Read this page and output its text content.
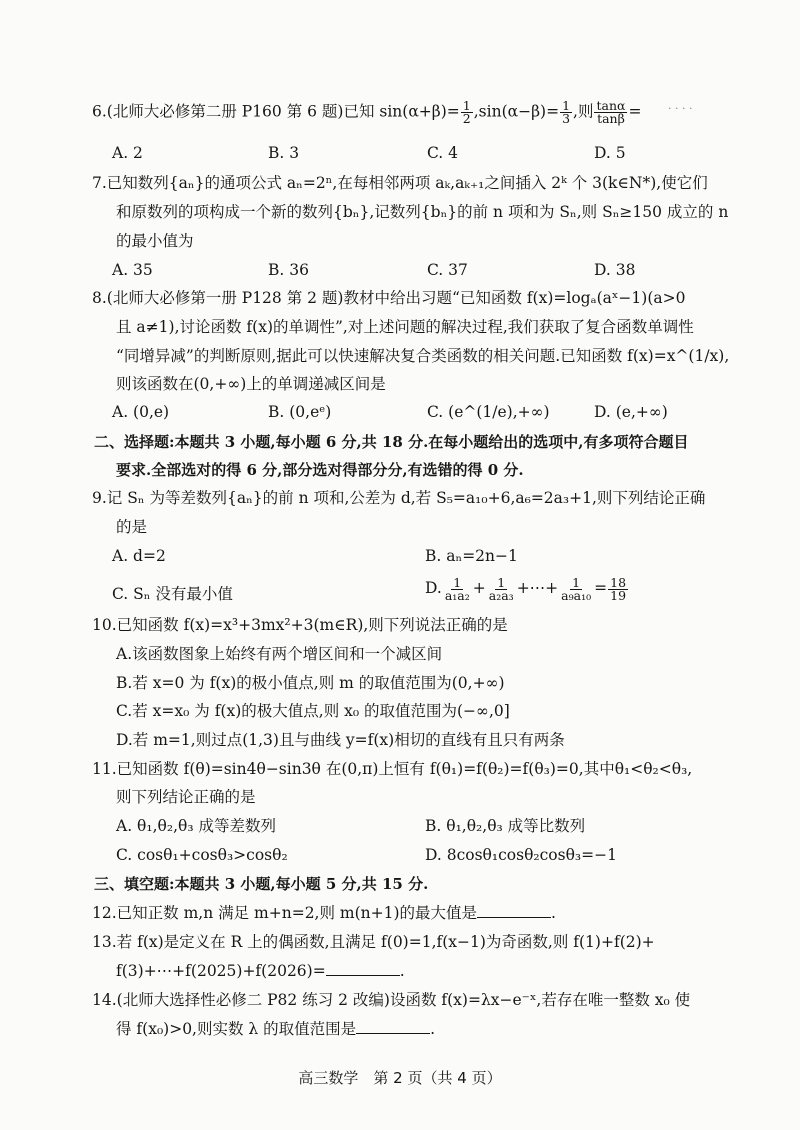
6.(北师大必修第二册 P160 第 6 题)已知 $\sin(\alpha+\beta)= \frac{1}{2} ,\sin(\alpha-\beta)= \frac{1}{3}$ ,则 $\frac{\tan\alpha}{\tan\beta}$ =	· · · ·
A. 2	B. 3	C. 4	D. 5
7.已知数列{aₙ}的通项公式 aₙ=2ⁿ,在每相邻两项 aₖ,aₖ₊₁之间插入 2ᵏ 个 3(k∈N*),使它们
和原数列的项构成一个新的数列{bₙ},记数列{bₙ}的前 n 项和为 Sₙ,则 Sₙ≥150 成立的 n
的最小值为
A. 35	B. 36	C. 37	D. 38
8.(北师大必修第一册 P128 第 2 题)教材中给出习题“已知函数 f(x)=logₐ(aˣ−1)(a>0
且 a≠1),讨论函数 f(x)的单调性”,对上述问题的解决过程,我们获取了复合函数单调性
“同增异减”的判断原则,据此可以快速解决复合类函数的相关问题.已知函数 f(x)=x^(1/x),
则该函数在(0,+∞)上的单调递减区间是
A. (0,e)	B. (0,eᵉ)	C. (e^(1/e),+∞)	D. (e,+∞)
二、选择题:本题共 3 小题,每小题 6 分,共 18 分.在每小题给出的选项中,有多项符合题目
要求.全部选对的得 6 分,部分选对得部分分,有选错的得 0 分.
9.记 Sₙ 为等差数列{aₙ}的前 n 项和,公差为 d,若 S₅=a₁₀+6,a₆=2a₃+1,则下列结论正确
的是
A. d=2	B. aₙ=2n−1
C. Sₙ 没有最小值	D. $\frac{1}{\text{a₁a₂}} + \frac{1}{\text{a₂a₃}}$ +⋯+ $\frac{1}{\text{a₉a₁₀}} = \frac{18}{19}$
10.已知函数 f(x)=x³+3mx²+3(m∈R),则下列说法正确的是
A.该函数图象上始终有两个增区间和一个减区间
B.若 x=0 为 f(x)的极小值点,则 m 的取值范围为(0,+∞)
C.若 x=x₀ 为 f(x)的极大值点,则 x₀ 的取值范围为(−∞,0]
D.若 m=1,则过点(1,3)且与曲线 y=f(x)相切的直线有且只有两条
11.已知函数 f(θ)=sin4θ−sin3θ 在(0,π)上恒有 f(θ₁)=f(θ₂)=f(θ₃)=0,其中θ₁<θ₂<θ₃,
则下列结论正确的是
A. θ₁,θ₂,θ₃ 成等差数列	B. θ₁,θ₂,θ₃ 成等比数列
C. cosθ₁+cosθ₃>cosθ₂	D. 8cosθ₁cosθ₂cosθ₃=−1
三、填空题:本题共 3 小题,每小题 5 分,共 15 分.
12.已知正数 m,n 满足 m+n=2,则 m(n+1)的最大值是	.
13.若 f(x)是定义在 R 上的偶函数,且满足 f(0)=1,f(x−1)为奇函数,则 f(1)+f(2)+
f(3)+⋯+f(2025)+f(2026)=	.
14.(北师大选择性必修二 P82 练习 2 改编)设函数 f(x)=λx−e⁻ˣ,若存在唯一整数 x₀ 使
得 f(x₀)>0,则实数 λ 的取值范围是	.
高三数学　第 2 页（共 4 页）
